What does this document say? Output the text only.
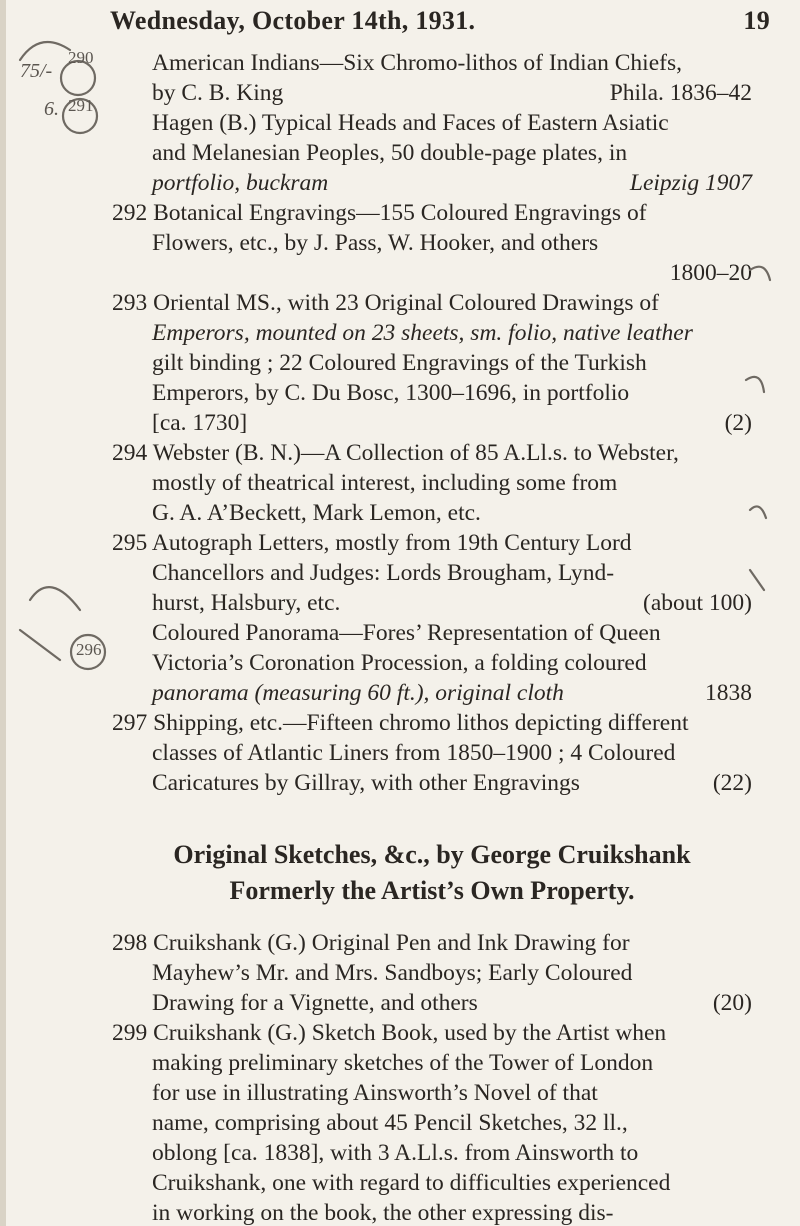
Wednesday, October 14th, 1931.	19
American Indians—Six Chromo-lithos of Indian Chiefs,
by C. B. King	Phila. 1836–42
Hagen (B.) Typical Heads and Faces of Eastern Asiatic
and Melanesian Peoples, 50 double-page plates, in
portfolio, buckram	Leipzig 1907
292 Botanical Engravings—155 Coloured Engravings of
Flowers, etc., by J. Pass, W. Hooker, and others
1800–20
293 Oriental MS., with 23 Original Coloured Drawings of
Emperors, mounted on 23 sheets, sm. folio, native leather
gilt binding ; 22 Coloured Engravings of the Turkish
Emperors, by C. Du Bosc, 1300–1696, in portfolio
[ca. 1730]	(2)
294 Webster (B. N.)—A Collection of 85 A.Ll.s. to Webster,
mostly of theatrical interest, including some from
G. A. A’Beckett, Mark Lemon, etc.
295 Autograph Letters, mostly from 19th Century Lord
Chancellors and Judges: Lords Brougham, Lynd-
hurst, Halsbury, etc.	(about 100)
Coloured Panorama—Fores’ Representation of Queen
Victoria’s Coronation Procession, a folding coloured
panorama (measuring 60 ft.), original cloth	1838
297 Shipping, etc.—Fifteen chromo lithos depicting different
classes of Atlantic Liners from 1850–1900 ; 4 Coloured
Caricatures by Gillray, with other Engravings	(22)
Original Sketches, &c., by George Cruikshank
Formerly the Artist’s Own Property.
298 Cruikshank (G.) Original Pen and Ink Drawing for
Mayhew’s Mr. and Mrs. Sandboys; Early Coloured
Drawing for a Vignette, and others	(20)
299 Cruikshank (G.) Sketch Book, used by the Artist when
making preliminary sketches of the Tower of London
for use in illustrating Ainsworth’s Novel of that
name, comprising about 45 Pencil Sketches, 32 ll.,
oblong [ca. 1838], with 3 A.Ll.s. from Ainsworth to
Cruikshank, one with regard to difficulties experienced
in working on the book, the other expressing dis-
290
75/-
6. 291
296
